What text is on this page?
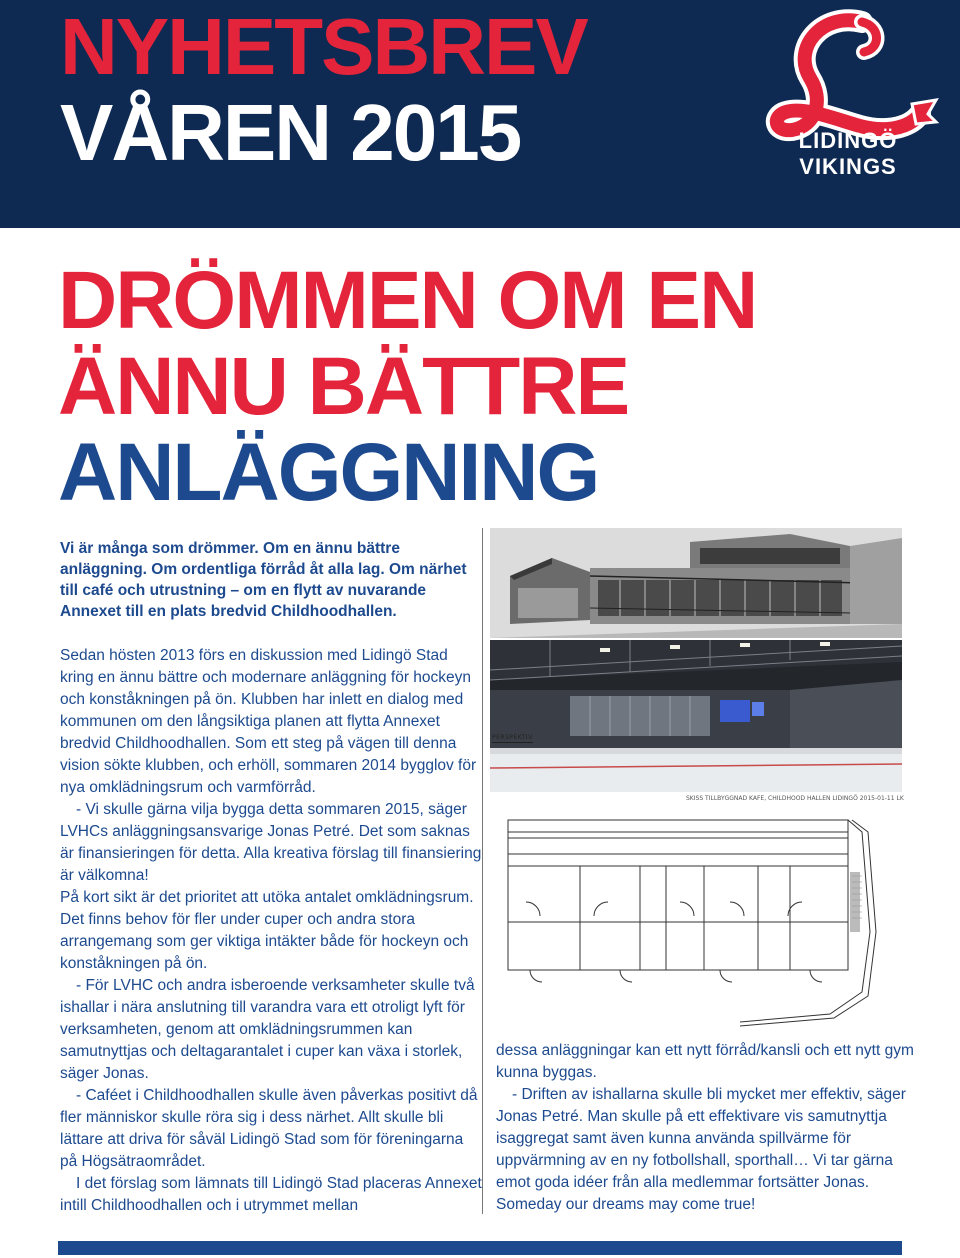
NYHETSBREV
VÅREN 2015	LIDINGÖ
VIKINGS
DRÖMMEN OM EN
ÄNNU BÄTTRE
ANLÄGGNING
Vi är många som drömmer. Om en ännu bättre anläggning. Om ordentliga förråd åt alla lag. Om närhet till café och utrustning – om en flytt av nuvarande Annexet till en plats bredvid Childhoodhallen.

Sedan hösten 2013 förs en diskussion med Lidingö Stad kring en ännu bättre och modernare anläggning för hockeyn och konståkningen på ön. Klubben har inlett en dialog med kommunen om den långsiktiga planen att flytta Annexet bredvid Childhoodhallen. Som ett steg på vägen till denna vision sökte klubben, och erhöll, sommaren 2014 bygglov för nya omklädningsrum och varmförråd.

- Vi skulle gärna vilja bygga detta sommaren 2015, säger LVHCs anläggningsansvarige Jonas Petré. Det som saknas är finansieringen för detta. Alla kreativa förslag till finansiering är välkomna!

På kort sikt är det prioritet att utöka antalet omklädningsrum. Det finns behov för fler under cuper och andra stora arrangemang som ger viktiga intäkter både för hockeyn och konståkningen på ön.

- För LVHC och andra isberoende verksamheter skulle två ishallar i nära anslutning till varandra vara ett otroligt lyft för verksamheten, genom att omklädningsrummen kan samutnyttjas och deltagarantalet i cuper kan växa i storlek, säger Jonas.

- Caféet i Childhoodhallen skulle även påverkas positivt då fler människor skulle röra sig i dess närhet. Allt skulle bli lättare att driva för såväl Lidingö Stad som för föreningarna på Högsätraområdet.

I det förslag som lämnats till Lidingö Stad placeras Annexet intill Childhoodhallen och i utrymmet mellan

PERSPEKTIV
SKISS TILLBYGGNAD KAFE, CHILDHOOD HALLEN LIDINGÖ 2015-01-11 LK

dessa anläggningar kan ett nytt förråd/kansli och ett nytt gym kunna byggas.

- Driften av ishallarna skulle bli mycket mer effektiv, säger Jonas Petré. Man skulle på ett effektivare vis samutnyttja isaggregat samt även kunna använda spillvärme för uppvärmning av en ny fotbollshall, sporthall… Vi tar gärna emot goda idéer från alla medlemmar fortsätter Jonas. Someday our dreams may come true!
